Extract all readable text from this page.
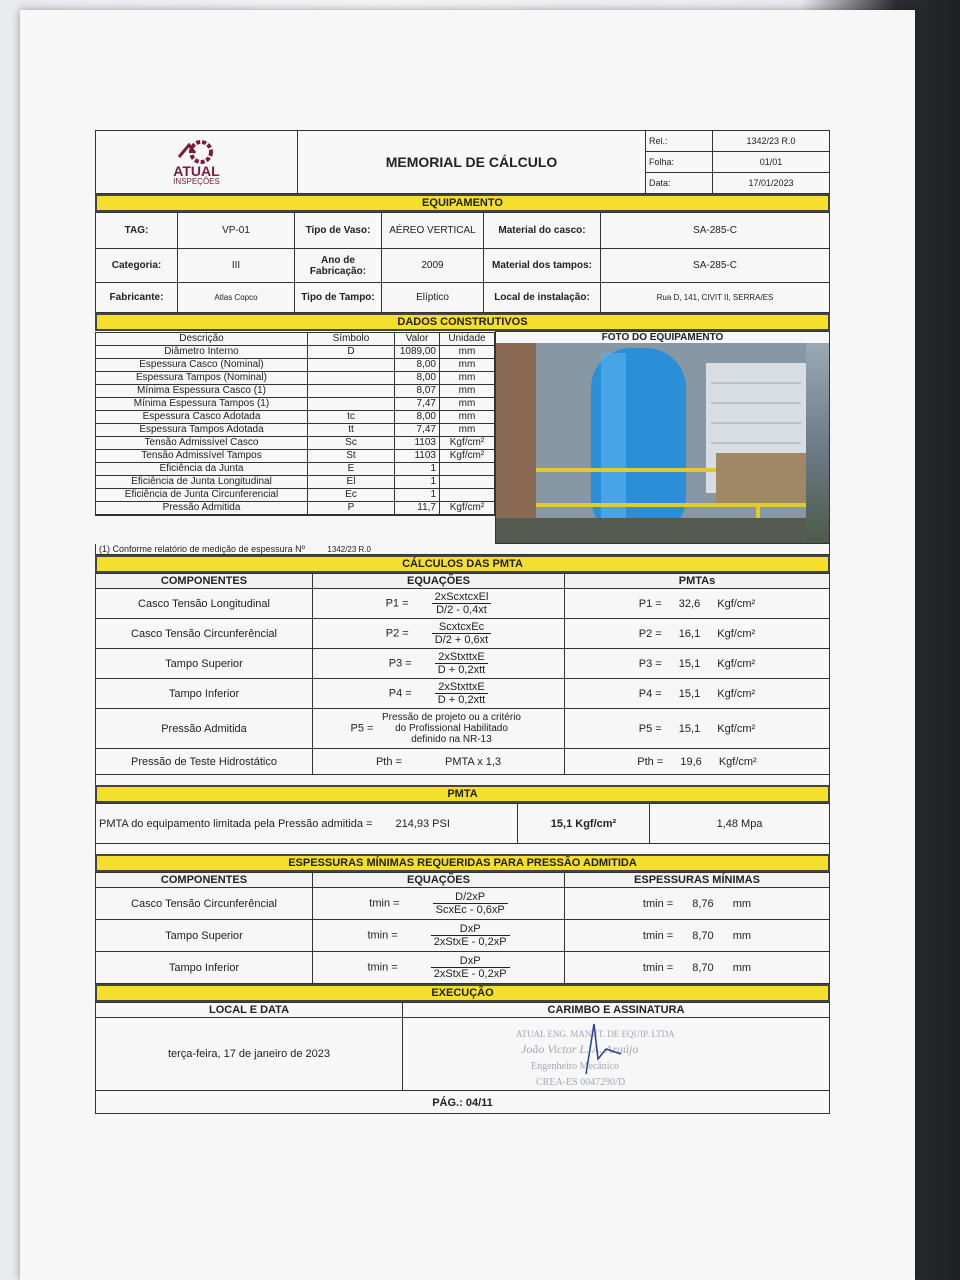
ATUAL
INSPEÇÕES	MEMORIAL DE CÁLCULO	Rel.:	1342/23 R.0
		Folha:	01/01
		Data:	17/01/2023
EQUIPAMENTO
TAG:	VP-01	Tipo de Vaso:	AÉREO VERTICAL	Material do casco:	SA-285-C
Categoria:	III	Ano de Fabricação:	2009	Material dos tampos:	SA-285-C
Fabricante:	Atlas Copco	Tipo de Tampo:	Elíptico	Local de instalação:	Rua D, 141, CIVIT II, SERRA/ES
DADOS CONSTRUTIVOS
Descrição	Símbolo	Valor	Unidade
Diâmetro Interno	D	1089,00	mm
Espessura Casco (Nominal)		8,00	mm
Espessura Tampos (Nominal)		8,00	mm
Mínima Espessura Casco (1)		8,07	mm
Mínima Espessura Tampos (1)		7,47	mm
Espessura Casco Adotada	tc	8,00	mm
Espessura Tampos Adotada	tt	7,47	mm
Tensão Admissível Casco	Sc	1103	Kgf/cm²
Tensão Admissível Tampos	St	1103	Kgf/cm²
Eficiência da Junta	E	1	
Eficiência de Junta Longitudinal	El	1	
Eficiência de Junta Circunferencial	Ec	1	
Pressão Admitida	P	11,7	Kgf/cm²

FOTO DO EQUIPAMENTO
(1) Conforme relatório de medição de espessura Nº	1342/23 R.0
CÁLCULOS DAS PMTA
COMPONENTES	EQUAÇÕES	PMTAs
Casco Tensão Longitudinal	$P1 = \frac{\text{2xScxtcxEl}}{D/2 - 0,4xt}$	P1 = 32,6 Kgf/cm²
Casco Tensão Circunferêncial	$P2 = \frac{\text{ScxtcxEc}}{D/2 + 0,6xt}$	P2 = 16,1 Kgf/cm²
Tampo Superior	$P3 = \frac{\text{2xStxttxE}}{\text{D + 0,2xtt}}$	P3 = 15,1 Kgf/cm²
Tampo Inferior	$P4 = \frac{\text{2xStxttxE}}{\text{D + 0,2xtt}}$	P4 = 15,1 Kgf/cm²
Pressão Admitida	P5 = Pressão de projeto ou a critério do Profissional Habilitado definido na NR-13	P5 = 15,1 Kgf/cm²
Pressão de Teste Hidrostático	Pth = PMTA x 1,3	Pth = 19,6 Kgf/cm²
PMTA
PMTA do equipamento limitada pela Pressão admitida = 214,93 PSI	15,1 Kgf/cm²	1,48 Mpa
ESPESSURAS MÍNIMAS REQUERIDAS PARA PRESSÃO ADMITIDA
COMPONENTES	EQUAÇÕES	ESPESSURAS MÍNIMAS
Casco Tensão Circunferêncial	$tmin = \frac{D/2xP}{\text{ScxEc - 0,6xP}}$	tmin = 8,76 mm
Tampo Superior	$tmin = \frac{\text{DxP}}{\text{2xStxE - 0,2xP}}$	tmin = 8,70 mm
Tampo Inferior	$tmin = \frac{\text{DxP}}{\text{2xStxE - 0,2xP}}$	tmin = 8,70 mm
EXECUÇÃO
LOCAL E DATA	CARIMBO E ASSINATURA
terça-feira, 17 de janeiro de 2023	ATUAL ENG. MANUT. DE EQUIP. LTDA
João Victor L. A. Araújo
Engenheiro Mecânico
CREA-ES 0047290/D
PÁG.: 04/11
